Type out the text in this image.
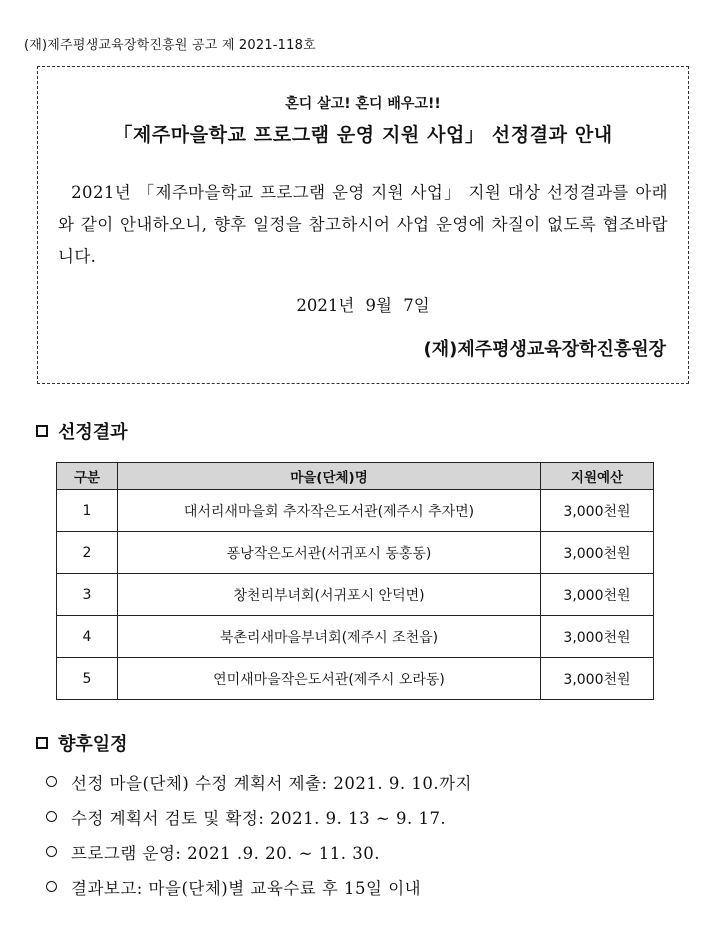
(재)제주평생교육장학진흥원 공고 제 2021-118호
혼디 살고! 혼디 배우고!!
「제주마을학교 프로그램 운영 지원 사업」 선정결과 안내
2021년 「제주마을학교 프로그램 운영 지원 사업」 지원 대상 선정결과를 아래와 같이 안내하오니, 향후 일정을 참고하시어 사업 운영에 차질이 없도록 협조바랍니다.
2021년 9월 7일
(재)제주평생교육장학진흥원장
선정결과
구분	마을(단체)명	지원예산
1	대서리새마을회 추자작은도서관(제주시 추자면)	3,000천원
2	퐁낭작은도서관(서귀포시 동홍동)	3,000천원
3	창천리부녀회(서귀포시 안덕면)	3,000천원
4	북촌리새마을부녀회(제주시 조천읍)	3,000천원
5	연미새마을작은도서관(제주시 오라동)	3,000천원
향후일정
선정 마을(단체) 수정 계획서 제출: 2021. 9. 10.까지
수정 계획서 검토 및 확정: 2021. 9. 13 ~ 9. 17.
프로그램 운영: 2021 .9. 20. ~ 11. 30.
결과보고: 마을(단체)별 교육수료 후 15일 이내
